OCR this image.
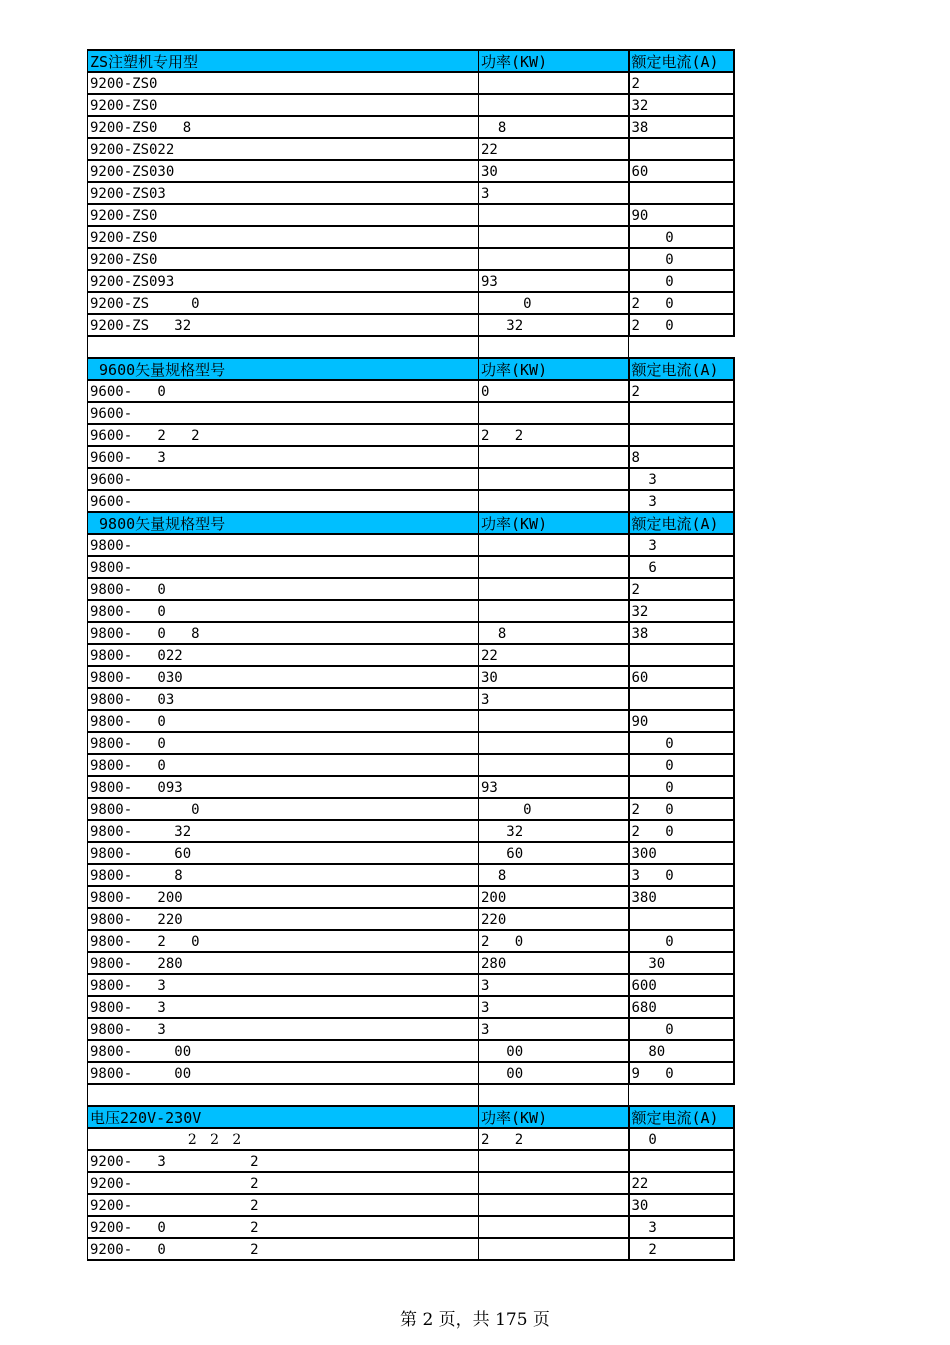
ZS注塑机专用型	功率(KW)	额定电流(A)
9200-ZS0		2
9200-ZS0		32
9200-ZS0   8	8	38
9200-ZS022	22	
9200-ZS030	30	60
9200-ZS03	3	
9200-ZS0		90
9200-ZS0		0
9200-ZS0		0
9200-ZS093	93	0
9200-ZS     0	0	2   0
9200-ZS   32	32	2   0

9600矢量规格型号	功率(KW)	额定电流(A)
9600-   0	0	2
9600-		
9600-   2   2	2   2	
9600-   3		8
9600-		3
9600-		3
9800矢量规格型号	功率(KW)	额定电流(A)
9800-		3
9800-		6
9800-   0		2
9800-   0		32
9800-   0   8	8	38
9800-   022	22	
9800-   030	30	60
9800-   03	3	
9800-   0		90
9800-   0		0
9800-   0		0
9800-   093	93	0
9800-       0	0	2   0
9800-     32	32	2   0
9800-     60	60	300
9800-     8	8	3   0
9800-   200	200	380
9800-   220	220	
9800-   2   0	2   0	0
9800-   280	280	30
9800-   3	3	600
9800-   3	3	680
9800-   3	3	0
9800-     00	00	80
9800-     00	00	9   0

电压220V-230V	功率(KW)	额定电流(A)
2   2   2	2   2	0
9200-   3          2		
9200-              2		22
9200-              2		30
9200-   0          2		3
9200-   0          2		2
第 2 页，共 175 页
